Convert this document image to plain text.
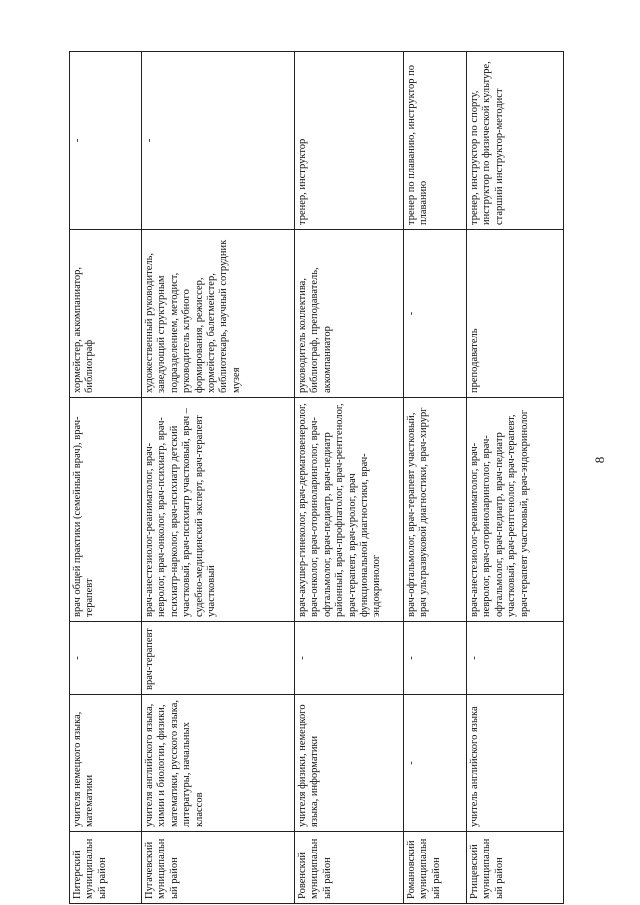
8
Питерский муниципальный район	учителя немецкого языка, математики	-	врач общей практики (семейный врач), врач-терапевт	хормейстер, аккомпаниатор, библиограф	-
Пугачевский муниципальный район	учителя английского языка, химии и биологии, физики, математики, русского языка, литературы, начальных классов	врач-терапевт	врач-анестезиолог-реаниматолог, врач-невролог, врач-онколог, врач-психиатр, врач-психиатр-нарколог, врач-психиатр детский участковый, врач-психиатр участковый, врач – судебно-медицинский эксперт, врач-терапевт участковый	художественный руководитель, заведующий структурным подразделением, методист, руководитель клубного формирования, режиссер, хормейстер, балетмейстер, библиотекарь, научный сотрудник музея	-
Ровенский муниципальный район	учителя физики, немецкого языка, информатики	-	врач-акушер-гинеколог, врач-дерматовенеролог, врач-онколог, врач-оториноларинголог, врач-офтальмолог, врач-педиатр, врач-педиатр районный, врач-профпатолог, врач-рентгенолог, врач-терапевт, врач-уролог, врач функциональной диагностики, врач-эндокринолог	руководитель коллектива, библиограф, преподаватель, аккомпаниатор	тренер, инструктор
Романовский муниципальный район	-	-	врач-офтальмолог, врач-терапевт участковый, врач ультразвуковой диагностики, врач-хирург	-	тренер по плаванию, инструктор по плаванию
Ртищевский муниципальный район	учитель английского языка	-	врач-анестезиолог-реаниматолог, врач-невролог, врач-оториноларинголог, врач-офтальмолог, врач-педиатр, врач-педиатр участковый, врач-рентгенолог, врач-терапевт, врач-терапевт участковый, врач-эндокринолог	преподаватель	тренер, инструктор по спорту, инструктор по физической культуре, старший инструктор-методист
